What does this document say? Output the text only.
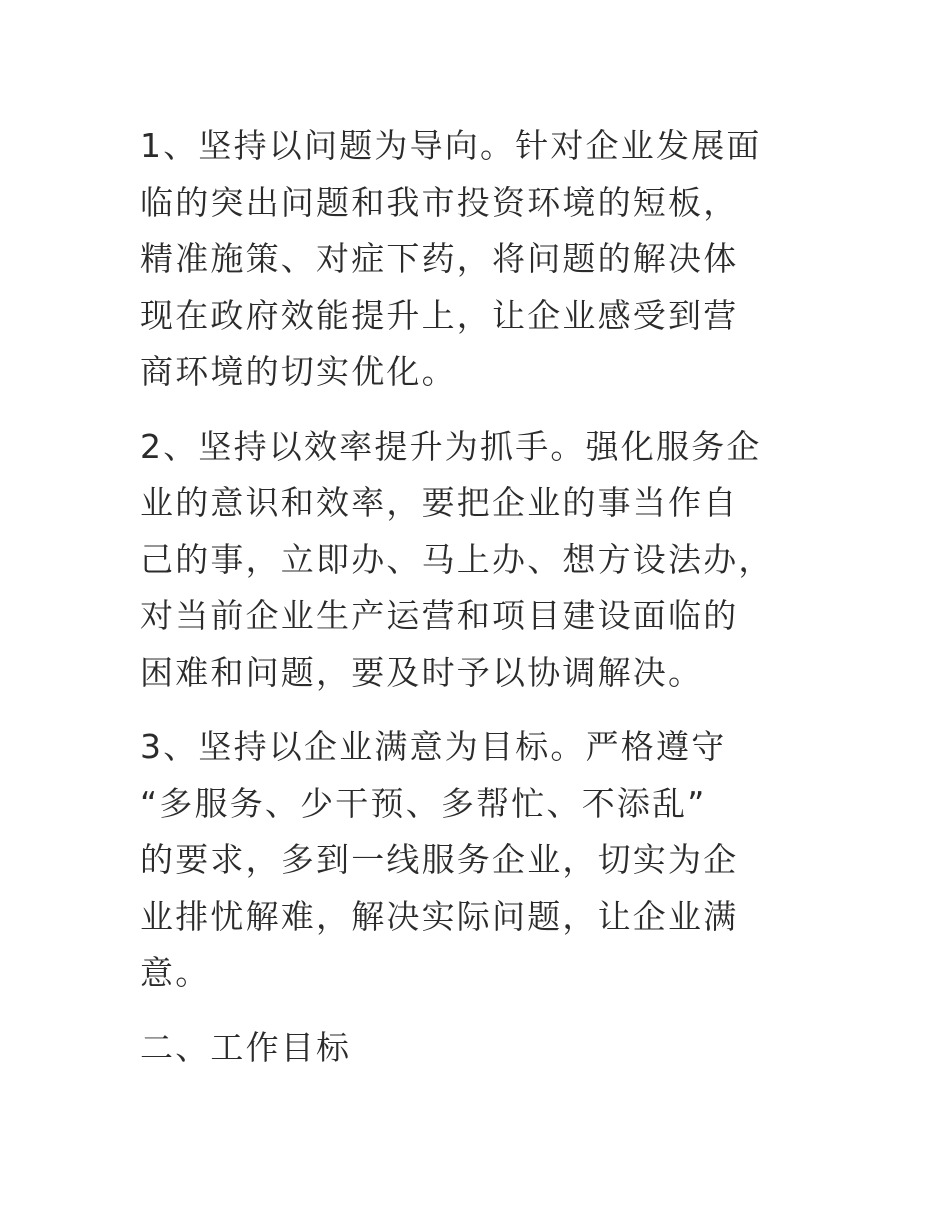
1、坚持以问题为导向。针对企业发展面
临的突出问题和我市投资环境的短板，
精准施策、对症下药，将问题的解决体
现在政府效能提升上，让企业感受到营
商环境的切实优化。
2、坚持以效率提升为抓手。强化服务企
业的意识和效率，要把企业的事当作自
己的事，立即办、马上办、想方设法办，
对当前企业生产运营和项目建设面临的
困难和问题，要及时予以协调解决。
3、坚持以企业满意为目标。严格遵守
“多服务、少干预、多帮忙、不添乱”
的要求，多到一线服务企业，切实为企
业排忧解难，解决实际问题，让企业满
意。
二、工作目标
